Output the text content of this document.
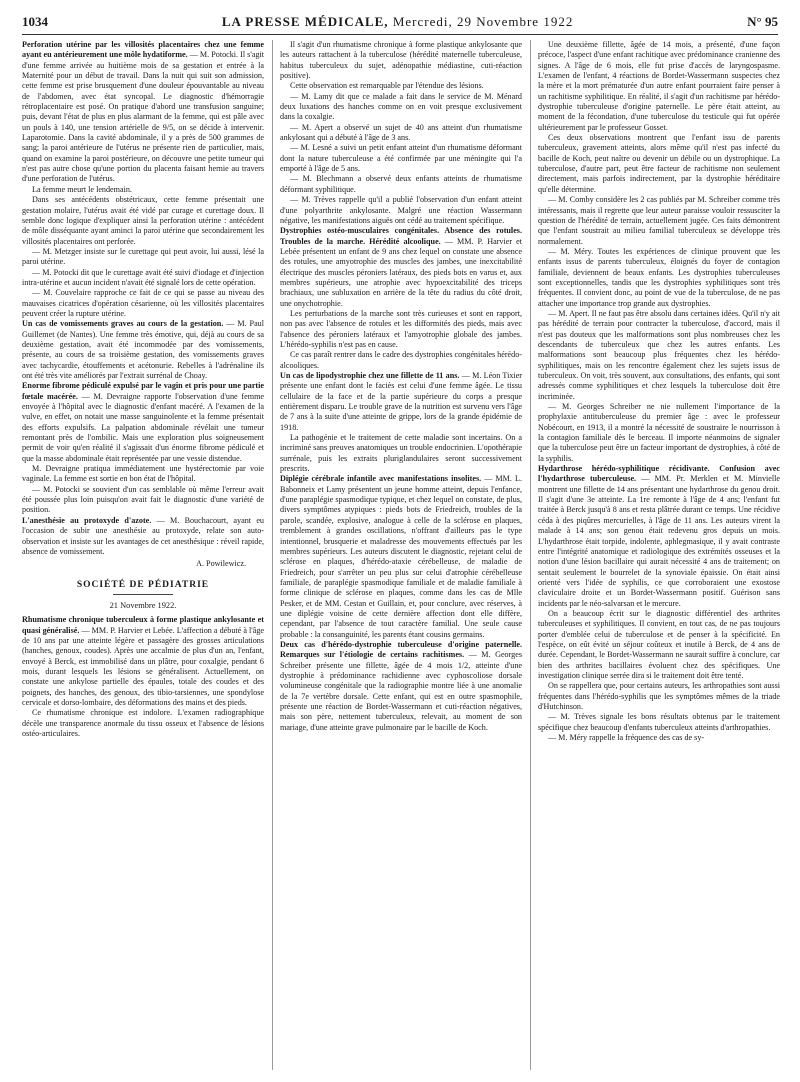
1034	LA PRESSE MÉDICALE, Mercredi, 29 Novembre 1922	N° 95

Perforation utérine par les villosités placentaires chez une femme ayant eu antérieurement une môle hydatiforme. — M. Potocki. Il s'agit d'une femme arrivée au huitième mois de sa gestation et entrée à la Maternité pour un début de travail. Dans la nuit qui suit son admission, cette femme est prise brusquement d'une douleur épouvantable au niveau de l'abdomen, avec état syncopal. Le diagnostic d'hémorragie rétroplacentaire est posé. On pratique d'abord une transfusion sanguine; puis, devant l'état de plus en plus alarmant de la femme, qui est pâle avec un pouls à 140, une tension artérielle de 9/5, on se décide à intervenir. Laparotomie. Dans la cavité abdominale, il y a près de 500 grammes de sang; la paroi antérieure de l'utérus ne présente rien de particulier, mais, quand on examine la paroi postérieure, on découvre une petite tumeur qui n'est pas autre chose qu'une portion du placenta faisant hernie au travers d'une perforation de l'utérus.

La femme meurt le lendemain.

Dans ses antécédents obstétricaux, cette femme présentait une gestation molaire, l'utérus avait été vidé par curage et curettage doux. Il semble donc logique d'expliquer ainsi la perforation utérine : antécédent de môle disséquante ayant aminci la paroi utérine que secondairement les villosités placentaires ont perforée.

— M. Metzger insiste sur le curettage qui peut avoir, lui aussi, lésé la paroi utérine.

— M. Potocki dit que le curettage avait été suivi d'iodage et d'injection intra-utérine et aucun incident n'avait été signalé lors de cette opération.

— M. Couvelaire rapproche ce fait de ce qui se passe au niveau des mauvaises cicatrices d'opération césarienne, où les villosités placentaires peuvent créer la rupture utérine.

Un cas de vomissements graves au cours de la gestation. — M. Paul Guillemet (de Nantes). Une femme très émotive, qui, déjà au cours de sa deuxième gestation, avait été incommodée par des vomissements, présente, au cours de sa troisième gestation, des vomissements graves avec tachycardie, étouffements et acétonurie. Rebelles à l'adrénaline ils ont été très vite améliorés par l'extrait surrénal de Choay.

Enorme fibrome pédiculé expulsé par le vagin et pris pour une partie fœtale macérée. — M. Devraigne rapporte l'observation d'une femme envoyée à l'hôpital avec le diagnostic d'enfant macéré. A l'examen de la vulve, en effet, on notait une masse sanguinolente et la femme présentait des efforts expulsifs. La palpation abdominale révélait une tumeur remontant près de l'ombilic. Mais une exploration plus soigneusement permit de voir qu'en réalité il s'agissait d'un énorme fibrome pédiculé et que la masse abdominale était représentée par une vessie distendue.

M. Devraigne pratiqua immédiatement une hystérectomie par voie vaginale. La femme est sortie en bon état de l'hôpital.

— M. Potocki se souvient d'un cas semblable où même l'erreur avait été poussée plus loin puisqu'on avait fait le diagnostic d'une variété de position.

L'anesthésie au protoxyde d'azote. — M. Bouchacourt, ayant eu l'occasion de subir une anesthésie au protoxyde, relate son auto-observation et insiste sur les avantages de cet anesthésique : réveil rapide, absence de vomissement.

A. Powilewicz.

SOCIÉTÉ DE PÉDIATRIE
21 Novembre 1922.

Rhumatisme chronique tuberculeux à forme plastique ankylosante et quasi généralisé. — MM. P. Harvier et Lebée. L'affection a débuté à l'âge de 10 ans par une atteinte légère et passagère des grosses articulations (hanches, genoux, coudes). Après une accalmie de plus d'un an, l'enfant, envoyé à Berck, est immobilisé dans un plâtre, pour coxalgie, pendant 6 mois, durant lesquels les lésions se généralisent. Actuellement, on constate une ankylose partielle des épaules, totale des coudes et des poignets, des hanches, des genoux, des tibio-tarsiennes, une spondylose cervicale et dorso-lombaire, des déformations des mains et des pieds.

Ce rhumatisme chronique est indolore. L'examen radiographique décèle une transparence anormale du tissu osseux et l'absence de lésions ostéo-articulaires.

Il s'agit d'un rhumatisme chronique à forme plastique ankylosante que les auteurs rattachent à la tuberculose (hérédité maternelle tuberculeuse, habitus tuberculeux du sujet, adénopathie médiastine, cuti-réaction positive).

Cette observation est remarquable par l'étendue des lésions.

— M. Lamy dit que ce malade a fait dans le service de M. Ménard deux luxations des hanches comme on en voit presque exclusivement dans la coxalgie.

— M. Apert a observé un sujet de 40 ans atteint d'un rhumatisme ankylosant qui a débuté à l'âge de 3 ans.

— M. Lesné a suivi un petit enfant atteint d'un rhumatisme déformant dont la nature tuberculeuse a été confirmée par une méningite qui l'a emporté à l'âge de 5 ans.

— M. Blechmann a observé deux enfants atteints de rhumatisme déformant syphilitique.

— M. Trèves rappelle qu'il a publié l'observation d'un enfant atteint d'une polyarthrite ankylosante. Malgré une réaction Wassermann négative, les manifestations aiguës ont cédé au traitement spécifique.

Dystrophies ostéo-musculaires congénitales. Absence des rotules. Troubles de la marche. Hérédité alcoolique. — MM. P. Harvier et Lebée présentent un enfant de 9 ans chez lequel on constate une absence des rotules, une amyotrophie des muscles des jambes, une inexcitabilité électrique des muscles péroniers latéraux, des pieds bots en varus et, aux membres supérieurs, une atrophie avec hypoexcitabilité des triceps brachiaux, une subluxation en arrière de la tête du radius du côté droit, une onychotrophie.

Les perturbations de la marche sont très curieuses et sont en rapport, non pas avec l'absence de rotules et les difformités des pieds, mais avec l'absence des péroniers latéraux et l'amyotrophie globale des jambes. L'hérédo-syphilis n'est pas en cause.

Ce cas paraît rentrer dans le cadre des dystrophies congénitales hérédo-alcooliques.

Un cas de lipodystrophie chez une fillette de 11 ans. — M. Léon Tixier présente une enfant dont le faciès est celui d'une femme âgée. Le tissu cellulaire de la face et de la partie supérieure du corps a presque entièrement disparu. Le trouble grave de la nutrition est survenu vers l'âge de 7 ans à la suite d'une atteinte de grippe, lors de la grande épidémie de 1918.

La pathogénie et le traitement de cette maladie sont incertains. On a incriminé sans preuves anatomiques un trouble endocrinien. L'opothérapie surrénale, puis les extraits pluriglandulaires seront successivement prescrits.

Diplégie cérébrale infantile avec manifestations insolites. — MM. L. Babonneix et Lamy présentent un jeune homme atteint, depuis l'enfance, d'une paraplégie spasmodique typique, et chez lequel on constate, de plus, divers symptômes atypiques : pieds bots de Friedreich, troubles de la parole, scandée, explosive, analogue à celle de la sclérose en plaques, tremblement à grandes oscillations, n'offrant d'ailleurs pas le type intentionnel, brusquerie et maladresse des mouvements effectués par les membres supérieurs. Les auteurs discutent le diagnostic, rejetant celui de sclérose en plaques, d'hérédo-ataxie cérébelleuse, de maladie de Friedreich, pour s'arrêter un peu plus sur celui d'atrophie cérébelleuse familiale, de paraplégie spasmodique familiale et de maladie familiale à forme clinique de sclérose en plaques, comme dans les cas de Mlle Pesker, et de MM. Cestan et Guillain, et, pour conclure, avec réserves, à une diplégie voisine de cette dernière affection dont elle diffère, cependant, par l'absence de tout caractère familial. Une seule cause probable : la consanguinité, les parents étant cousins germains.

Deux cas d'hérédo-dystrophie tuberculeuse d'origine paternelle. Remarques sur l'étiologie de certains rachitismes. — M. Georges Schreiber présente une fillette, âgée de 4 mois 1/2, atteinte d'une dystrophie à prédominance rachidienne avec cyphoscoliose dorsale volumineuse congénitale que la radiographie montre liée à une anomalie de la 7e vertèbre dorsale. Cette enfant, qui est en outre spasmophile, présente une réaction de Bordet-Wassermann et cuti-réaction négatives, mais son père, nettement tuberculeux, relevait, au moment de son mariage, d'une atteinte grave pulmonaire par le bacille de Koch.

Une deuxième fillette, âgée de 14 mois, a présenté, d'une façon précoce, l'aspect d'une enfant rachitique avec prédominance cranienne des signes. A l'âge de 6 mois, elle fut prise d'accès de laryngospasme. L'examen de l'enfant, 4 réactions de Bordet-Wassermann suspectes chez la mère et la mort prématurée d'un autre enfant pourraient faire penser à un rachitisme syphilitique. En réalité, il s'agit d'un rachitisme par hérédo-dystrophie tuberculeuse d'origine paternelle. Le père était atteint, au moment de la fécondation, d'une tuberculose du testicule qui fut opérée ultérieurement par le professeur Gosset.

Ces deux observations montrent que l'enfant issu de parents tuberculeux, gravement atteints, alors même qu'il n'est pas infecté du bacille de Koch, peut naître ou devenir un débile ou un dystrophique. La tuberculose, d'autre part, peut être facteur de rachitisme non seulement directement, mais parfois indirectement, par la dystrophie héréditaire qu'elle détermine.

— M. Comby considère les 2 cas publiés par M. Schreiber comme très intéressants, mais il regrette que leur auteur paraisse vouloir ressusciter la question de l'hérédité de terrain, actuellement jugée. Ces faits démontrent que l'enfant soustrait au milieu familial tuberculeux se développe très normalement.

— M. Méry. Toutes les expériences de clinique prouvent que les enfants issus de parents tuberculeux, éloignés du foyer de contagion familiale, deviennent de beaux enfants. Les dystrophies tuberculeuses sont exceptionnelles, tandis que les dystrophies syphilitiques sont très fréquentes. Il convient donc, au point de vue de la tuberculose, de ne pas attacher une importance trop grande aux dystrophies.

— M. Apert. Il ne faut pas être absolu dans certaines idées. Qu'il n'y ait pas hérédité de terrain pour contracter la tuberculose, d'accord, mais il n'est pas douteux que les malformations sont plus nombreuses chez les descendants de tuberculeux que chez les autres enfants. Les malformations sont beaucoup plus fréquentes chez les hérédo-syphilitiques, mais on les rencontre également chez les sujets issus de tuberculeux. On voit, très souvent, aux consultations, des enfants, qui sont adressés comme syphilitiques et chez lesquels la tuberculose doit être incriminée.

— M. Georges Schreiber ne nie nullement l'importance de la prophylaxie antituberculeuse du premier âge : avec le professeur Nobécourt, en 1913, il a montré la nécessité de soustraire le nourrisson à la contagion familiale dès le berceau. Il importe néanmoins de signaler que la tuberculose peut être un facteur important de dystrophies, à côté de la syphilis.

Hydarthrose hérédo-syphilitique récidivante. Confusion avec l'hydarthrose tuberculeuse. — MM. Pr. Merklen et M. Minvielle montrent une fillette de 14 ans présentant une hydarthrose du genou droit. Il s'agit d'une 3e atteinte. La 1re remonte à l'âge de 4 ans; l'enfant fut traitée à Berck jusqu'à 8 ans et resta plâtrée durant ce temps. Une récidive céda à des piqûres mercurielles, à l'âge de 11 ans. Les auteurs virent la malade à 14 ans; son genou était redevenu gros depuis un mois. L'hydarthrose était torpide, indolente, aphlegmasique, il y avait contraste entre l'intégrité anatomique et radiologique des extrémités osseuses et la notion d'une lésion bacillaire qui aurait nécessité 4 ans de traitement; on sentait seulement le bourrelet de la synoviale épaissie. On était ainsi orienté vers l'idée de syphilis, ce que corroboraient une exostose claviculaire droite et un Bordet-Wassermann positif. Guérison sans incidents par le néo-salvarsan et le mercure.

On a beaucoup écrit sur le diagnostic différentiel des arthrites tuberculeuses et syphilitiques. Il convient, en tout cas, de ne pas toujours porter d'emblée celui de tuberculose et de penser à la spécificité. En l'espèce, on eût évité un séjour coûteux et inutile à Berck, de 4 ans de durée. Cependant, le Bordet-Wassermann ne saurait suffire à conclure, car bien des arthrites bacillaires évoluent chez des spécifiques. Une investigation clinique serrée dira si le traitement doit être tenté.

On se rappellera que, pour certains auteurs, les arthropathies sont aussi fréquentes dans l'hérédo-syphilis que les symptômes mêmes de la triade d'Hutchinson.

— M. Trèves signale les bons résultats obtenus par le traitement spécifique chez beaucoup d'enfants tuberculeux atteints d'arthropathies.

— M. Méry rappelle la fréquence des cas de sy-
